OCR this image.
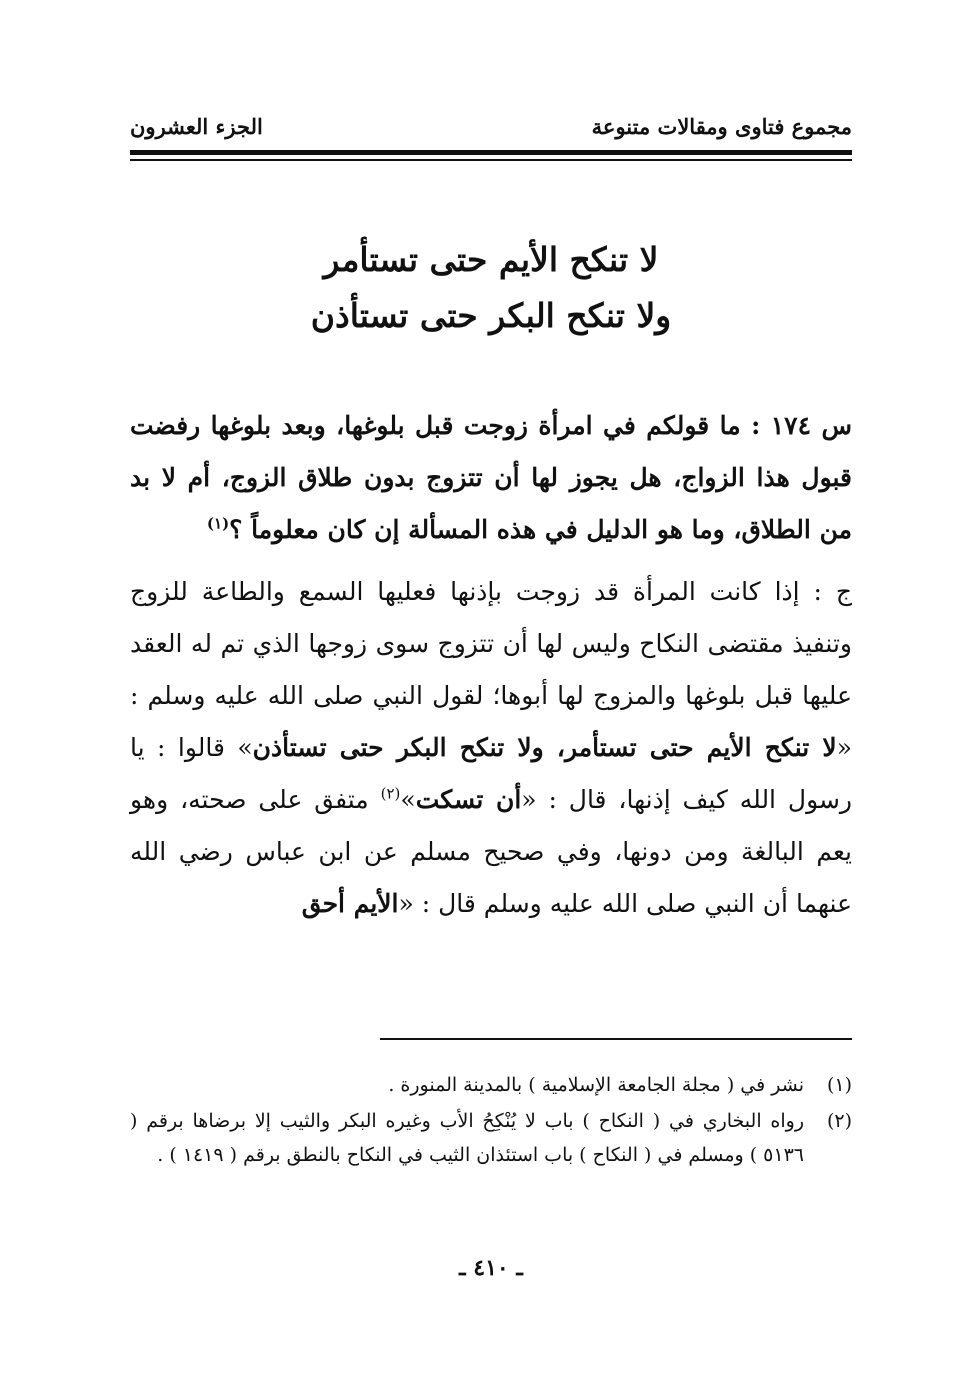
مجموع فتاوى ومقالات متنوعة
الجزء العشرون
لا تنكح الأيم حتى تستأمر
ولا تنكح البكر حتى تستأذن

س ١٧٤ : ما قولكم في امرأة زوجت قبل بلوغها، وبعد بلوغها رفضت قبول هذا الزواج، هل يجوز لها أن تتزوج بدون طلاق الزوج، أم لا بد من الطلاق، وما هو الدليل في هذه المسألة إن كان معلوماً ؟$^{(١)}$

ج : إذا كانت المرأة قد زوجت بإذنها فعليها السمع والطاعة للزوج وتنفيذ مقتضى النكاح وليس لها أن تتزوج سوى زوجها الذي تم له العقد عليها قبل بلوغها والمزوج لها أبوها؛ لقول النبي صلى الله عليه وسلم : «لا تنكح الأيم حتى تستأمر، ولا تنكح البكر حتى تستأذن» قالوا : يا رسول الله كيف إذنها، قال : «أن تسكت»$^{(٢)}$ متفق على صحته، وهو يعم البالغة ومن دونها، وفي صحيح مسلم عن ابن عباس رضي الله عنهما أن النبي صلى الله عليه وسلم قال : «الأيم أحق

(١)
نشر في ( مجلة الجامعة الإسلامية ) بالمدينة المنورة .
(٢)
رواه البخاري في ( النكاح ) باب لا يُنْكِحُ الأب وغيره البكر والثيب إلا برضاها برقم ( ٥١٣٦ ) ومسلم في ( النكاح ) باب استئذان الثيب في النكاح بالنطق برقم ( ١٤١٩ ) .
ـ ٤١٠ ـ
